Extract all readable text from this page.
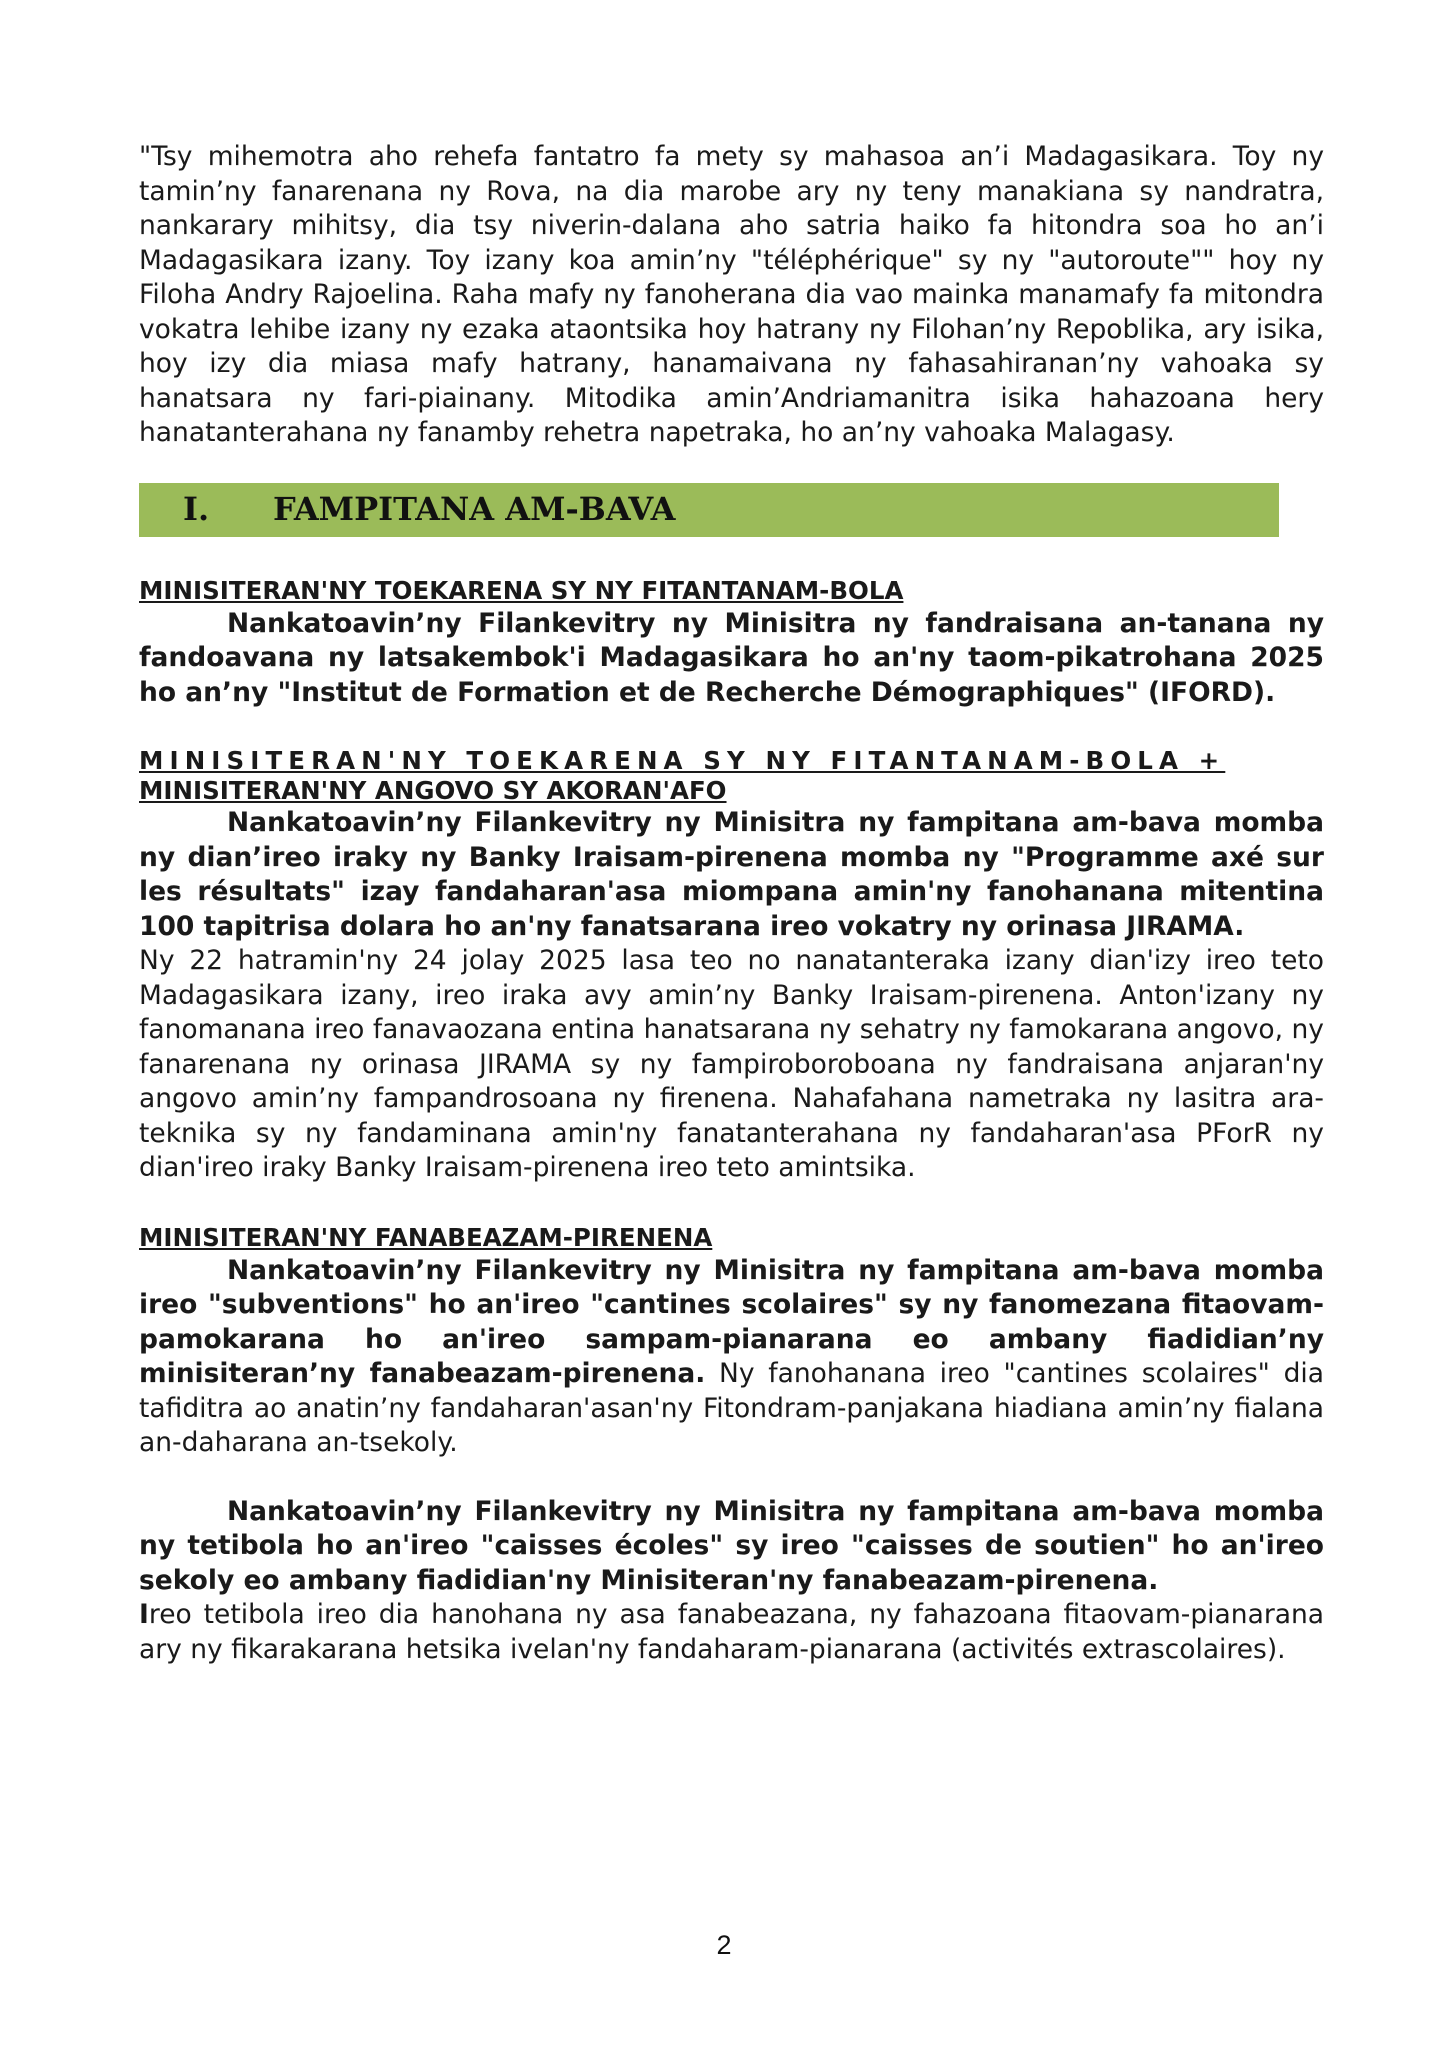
"Tsy mihemotra aho rehefa fantatro fa mety sy mahasoa an’i Madagasikara. Toy ny tamin’ny fanarenana ny Rova, na dia marobe ary ny teny manakiana sy nandratra, nankarary mihitsy, dia tsy niverin-dalana aho satria haiko fa hitondra soa ho an’i Madagasikara izany. Toy izany koa amin’ny "téléphérique" sy ny "autoroute"" hoy ny Filoha Andry Rajoelina. Raha mafy ny fanoherana dia vao mainka manamafy fa mitondra vokatra lehibe izany ny ezaka ataontsika hoy hatrany ny Filohan’ny Repoblika, ary isika, hoy izy dia miasa mafy hatrany, hanamaivana ny fahasahiranan’ny vahoaka sy hanatsara ny fari-piainany. Mitodika amin’Andriamanitra isika hahazoana hery hanatanterahana ny fanamby rehetra napetraka, ho an’ny vahoaka Malagasy.

I.	FAMPITANA AM-BAVA
MINISITERAN'NY TOEKARENA SY NY FITANTANAM-BOLA

Nankatoavin’ny Filankevitry ny Minisitra ny fandraisana an-tanana ny fandoavana ny latsakembok'i Madagasikara ho an'ny taom-pikatrohana 2025 ho an’ny "Institut de Formation et de Recherche Démographiques" (IFORD).

MINISITERAN'NY TOEKARENA SY NY FITANTANAM-BOLA +
MINISITERAN'NY ANGOVO SY AKORAN'AFO

Nankatoavin’ny Filankevitry ny Minisitra ny fampitana am-bava momba ny dian’ireo iraky ny Banky Iraisam-pirenena momba ny "Programme axé sur les résultats" izay fandaharan'asa miompana amin'ny fanohanana mitentina 100 tapitrisa dolara ho an'ny fanatsarana ireo vokatry ny orinasa JIRAMA.

Ny 22 hatramin'ny 24 jolay 2025 lasa teo no nanatanteraka izany dian'izy ireo teto Madagasikara izany, ireo iraka avy amin’ny Banky Iraisam-pirenena. Anton'izany ny fanomanana ireo fanavaozana entina hanatsarana ny sehatry ny famokarana angovo, ny fanarenana ny orinasa JIRAMA sy ny fampiroboroboana ny fandraisana anjaran'ny angovo amin’ny fampandrosoana ny firenena. Nahafahana nametraka ny lasitra ara-teknika sy ny fandaminana amin'ny fanatanterahana ny fandaharan'asa PForR ny dian'ireo iraky Banky Iraisam-pirenena ireo teto amintsika.

MINISITERAN'NY FANABEAZAM-PIRENENA

Nankatoavin’ny Filankevitry ny Minisitra ny fampitana am-bava momba ireo "subventions" ho an'ireo "cantines scolaires" sy ny fanomezana fitaovam-pamokarana ho an'ireo sampam-pianarana eo ambany fiadidian’ny minisiteran’ny fanabeazam-pirenena. Ny fanohanana ireo "cantines scolaires" dia tafiditra ao anatin’ny fandaharan'asan'ny Fitondram-panjakana hiadiana amin’ny fialana an-daharana an-tsekoly.

Nankatoavin’ny Filankevitry ny Minisitra ny fampitana am-bava momba ny tetibola ho an'ireo "caisses écoles" sy ireo "caisses de soutien" ho an'ireo sekoly eo ambany fiadidian'ny Minisiteran'ny fanabeazam-pirenena.

Ireo tetibola ireo dia hanohana ny asa fanabeazana, ny fahazoana fitaovam-pianarana ary ny fikarakarana hetsika ivelan'ny fandaharam-pianarana (activités extrascolaires).

2
